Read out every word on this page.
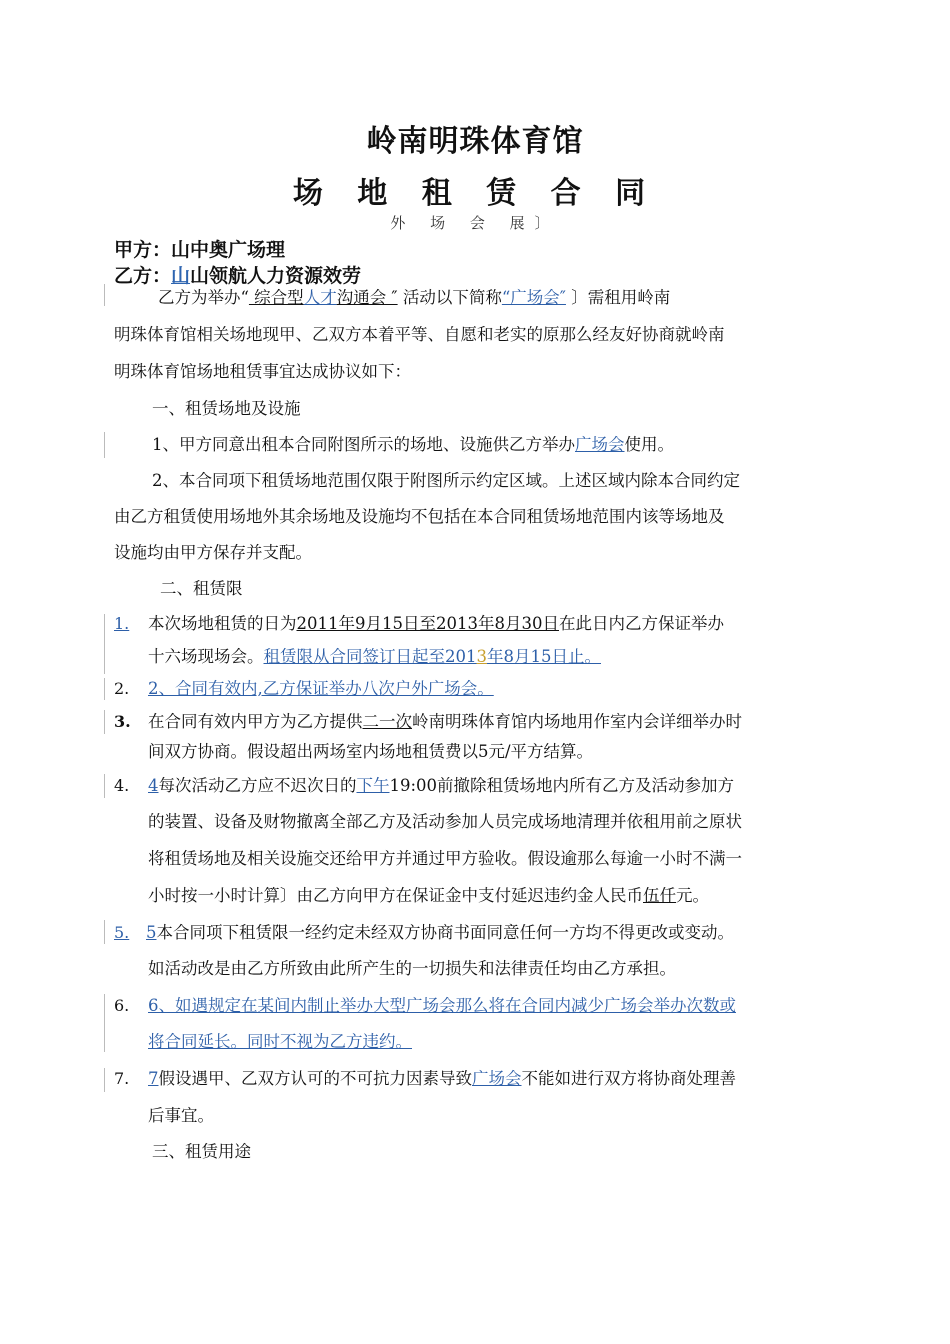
岭南明珠体育馆
场 地 租 赁 合 同
外 场 会 展〕
甲方：山中奥广场理
乙方：山山领航人力资源效劳
乙方为举办“ 综合型人才沟通会 ″ 活动以下简称“广场会″ 〕需租用岭南
明珠体育馆相关场地现甲、乙双方本着平等、自愿和老实的原那么经友好协商就岭南
明珠体育馆场地租赁事宜达成协议如下：
一、租赁场地及设施
1、甲方同意出租本合同附图所示的场地、设施供乙方举办广场会使用。
2、本合同项下租赁场地范围仅限于附图所示约定区域。上述区域内除本合同约定
由乙方租赁使用场地外其余场地及设施均不包括在本合同租赁场地范围内该等场地及
设施均由甲方保存并支配。
二、租赁限
1. 本次场地租赁的日为2011年9月15日至2013年8月30日在此日内乙方保证举办
十六场现场会。租赁限从合同签订日起至2013年8月15日止。
2. 2、合同有效内,乙方保证举办八次户外广场会。
3. 在合同有效内甲方为乙方提供二一次岭南明珠体育馆内场地用作室内会详细举办时
间双方协商。假设超出两场室内场地租赁费以5元/平方结算。
4. 4每次活动乙方应不迟次日的下午19:00前撤除租赁场地内所有乙方及活动参加方
的装置、设备及财物撤离全部乙方及活动参加人员完成场地清理并依租用前之原状
将租赁场地及相关设施交还给甲方并通过甲方验收。假设逾那么每逾一小时不满一
小时按一小时计算〕由乙方向甲方在保证金中支付延迟违约金人民币伍仟元。
5. 5本合同项下租赁限一经约定未经双方协商书面同意任何一方均不得更改或变动。
如活动改是由乙方所致由此所产生的一切损失和法律责任均由乙方承担。
6. 6、如遇规定在某间内制止举办大型广场会那么将在合同内减少广场会举办次数或
将合同延长。同时不视为乙方违约。
7. 7假设遇甲、乙双方认可的不可抗力因素导致广场会不能如进行双方将协商处理善
后事宜。
三、租赁用途
